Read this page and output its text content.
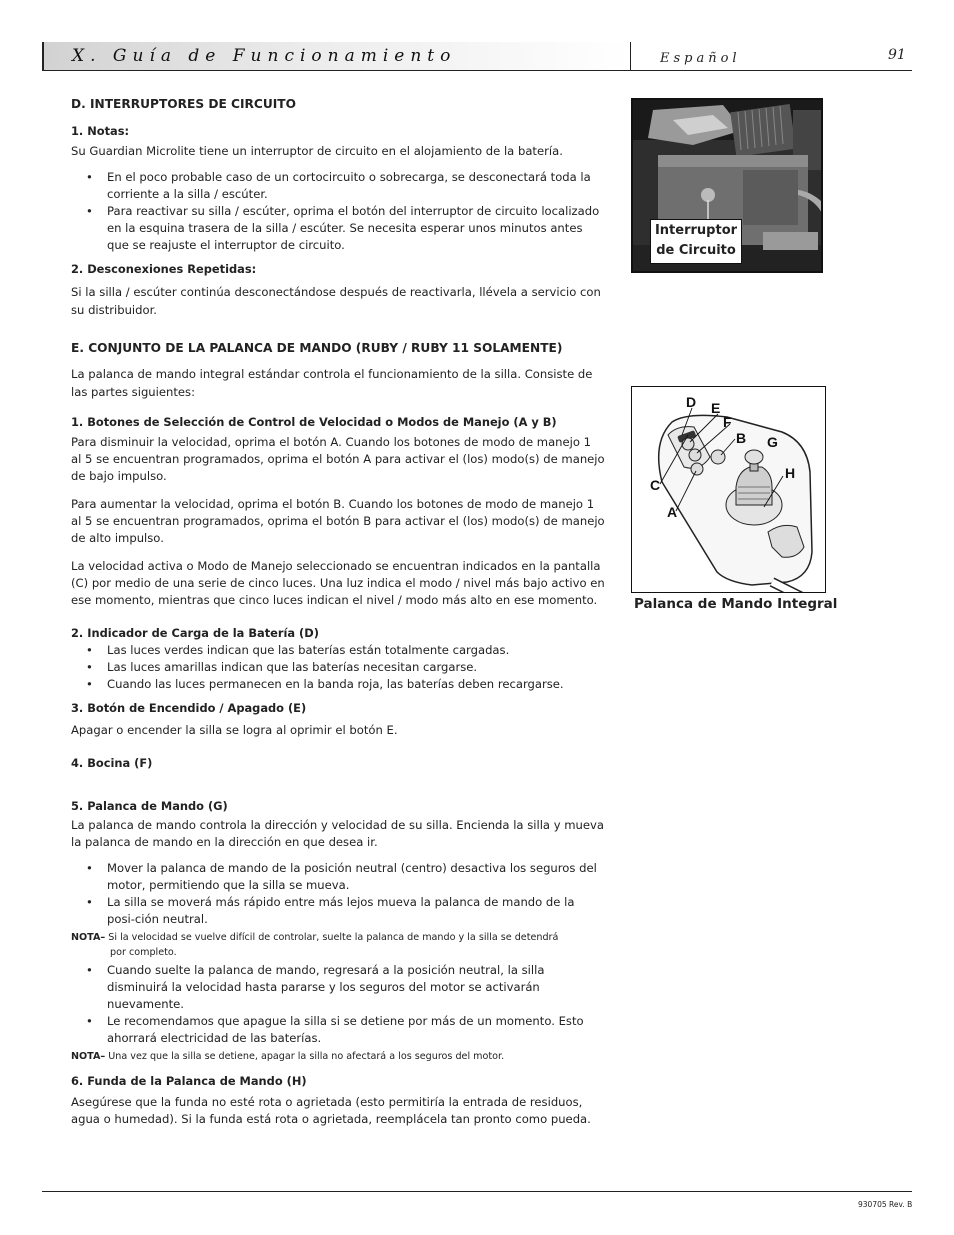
X. Guía de Funcionamiento	Español	91

D. INTERRUPTORES DE CIRCUITO

1. Notas:

Su Guardian Microlite tiene un interruptor de circuito en el alojamiento de la batería.

• En el poco probable caso de un cortocircuito o sobrecarga, se desconectará toda la corriente a la silla / escúter.
• Para reactivar su silla / escúter, oprima el botón del interruptor de circuito localizado en la esquina trasera de la silla / escúter. Se necesita esperar unos minutos antes que se reajuste el interruptor de circuito.

2. Desconexiones Repetidas:

Si la silla / escúter continúa desconectándose después de reactivarla, llévela a servicio con su distribuidor.

E. CONJUNTO DE LA PALANCA DE MANDO (RUBY / RUBY 11 SOLAMENTE)

La palanca de mando integral estándar controla el funcionamiento de la silla. Consiste de las partes siguientes:

1. Botones de Selección de Control de Velocidad o Modos de Manejo (A y B)

Para disminuir la velocidad, oprima el botón A. Cuando los botones de modo de manejo 1 al 5 se encuentran programados, oprima el botón A para activar el (los) modo(s) de manejo de bajo impulso.

Para aumentar la velocidad, oprima el botón B. Cuando los botones de modo de manejo 1 al 5 se encuentran programados, oprima el botón B para activar el (los) modo(s) de manejo de alto impulso.

La velocidad activa o Modo de Manejo seleccionado se encuentran indicados en la pantalla (C) por medio de una serie de cinco luces. Una luz indica el modo / nivel más bajo activo en ese momento, mientras que cinco luces indican el nivel / modo más alto en ese momento.

2. Indicador de Carga de la Batería (D)

• Las luces verdes indican que las baterías están totalmente cargadas.
• Las luces amarillas indican que las baterías necesitan cargarse.
• Cuando las luces permanecen en la banda roja, las baterías deben recargarse.

3. Botón de Encendido / Apagado (E)

Apagar o encender la silla se logra al oprimir el botón E.

4. Bocina (F)

5. Palanca de Mando (G)

La palanca de mando controla la dirección y velocidad de su silla. Encienda la silla y mueva la palanca de mando en la dirección en que desea ir.

• Mover la palanca de mando de la posición neutral (centro) desactiva los seguros del motor, permitiendo que la silla se mueva.
• La silla se moverá más rápido entre más lejos mueva la palanca de mando de la posi-ción neutral.

NOTA– Si la velocidad se vuelve difícil de controlar, suelte la palanca de mando y la silla se detendrá
por completo.

• Cuando suelte la palanca de mando, regresará a la posición neutral, la silla disminuirá la velocidad hasta pararse y los seguros del motor se activarán nuevamente.
• Le recomendamos que apague la silla si se detiene por más de un momento. Esto ahorrará electricidad de las baterías.

NOTA– Una vez que la silla se detiene, apagar la silla no afectará a los seguros del motor.

6. Funda de la Palanca de Mando (H)

Asegúrese que la funda no esté rota o agrietada (esto permitiría la entrada de residuos, agua o humedad). Si la funda está rota o agrietada, reemplácela tan pronto como pueda.

Interruptor
de Circuito
D E
F
B G
C
H
A
Palanca de Mando Integral
930705 Rev. B
